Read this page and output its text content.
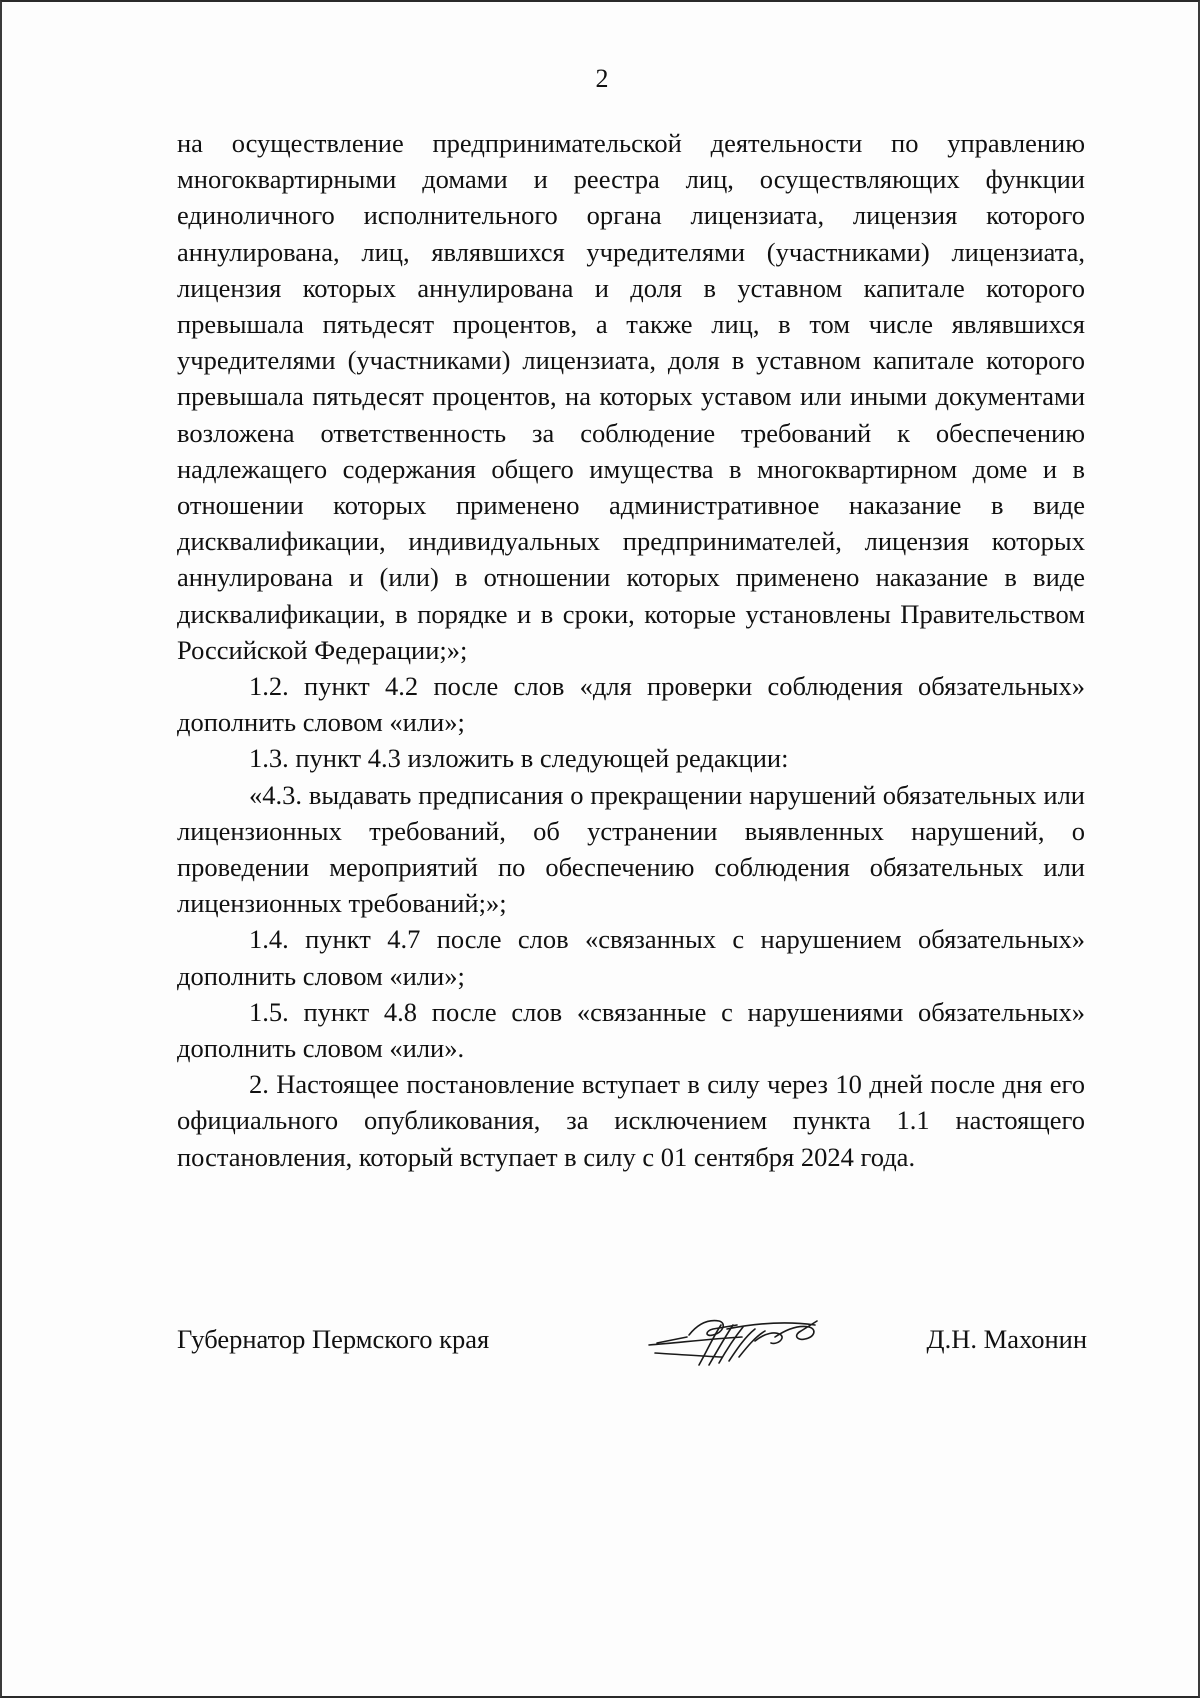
2

на осуществление предпринимательской деятельности по управлению многоквартирными домами и реестра лиц, осуществляющих функции единоличного исполнительного органа лицензиата, лицензия которого аннулирована, лиц, являвшихся учредителями (участниками) лицензиата, лицензия которых аннулирована и доля в уставном капитале которого превышала пятьдесят процентов, а также лиц, в том числе являвшихся учредителями (участниками) лицензиата, доля в уставном капитале которого превышала пятьдесят процентов, на которых уставом или иными документами возложена ответственность за соблюдение требований к обеспечению надлежащего содержания общего имущества в многоквартирном доме и в отношении которых применено административное наказание в виде дисквалификации, индивидуальных предпринимателей, лицензия которых аннулирована и (или) в отношении которых применено наказание в виде дисквалификации, в порядке и в сроки, которые установлены Правительством Российской Федерации;»;

1.2. пункт 4.2 после слов «для проверки соблюдения обязательных» дополнить словом «или»;

1.3. пункт 4.3 изложить в следующей редакции:

«4.3. выдавать предписания о прекращении нарушений обязательных или лицензионных требований, об устранении выявленных нарушений, о проведении мероприятий по обеспечению соблюдения обязательных или лицензионных требований;»;

1.4. пункт 4.7 после слов «связанных с нарушением обязательных» дополнить словом «или»;

1.5. пункт 4.8 после слов «связанные с нарушениями обязательных» дополнить словом «или».

2. Настоящее постановление вступает в силу через 10 дней после дня его официального опубликования, за исключением пункта 1.1 настоящего постановления, который вступает в силу с 01 сентября 2024 года.

Губернатор Пермского края	Д.Н. Махонин
